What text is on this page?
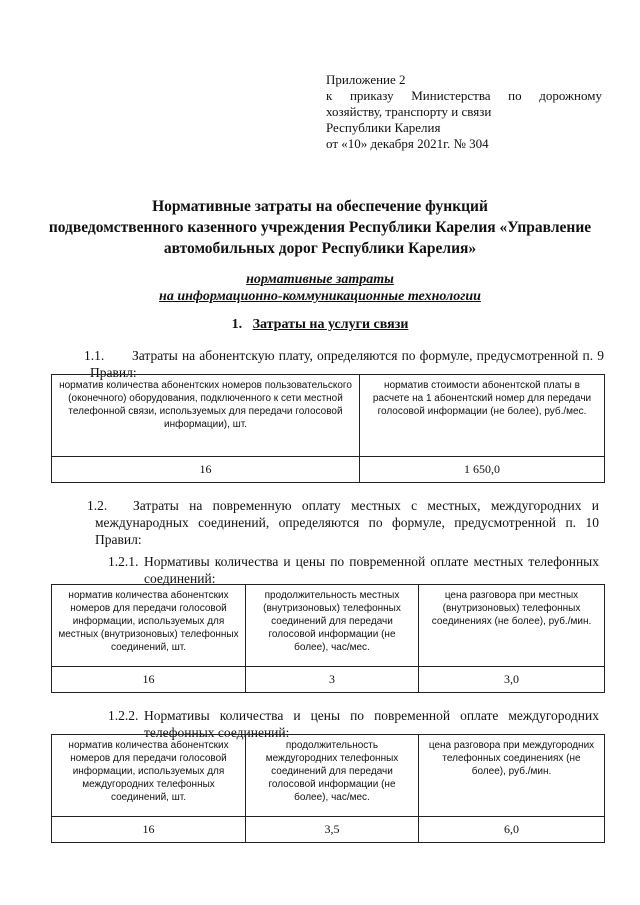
Приложение 2
к приказу Министерства по дорожному
хозяйству, транспорту и связи
Республики Карелия
от «10» декабря 2021г. № 304
Нормативные затраты на обеспечение функций
подведомственного казенного учреждения Республики Карелия «Управление
автомобильных дорог Республики Карелия»
нормативные затраты
на информационно-коммуникационные технологии
1. Затраты на услуги связи
1.1. Затраты на абонентскую плату, определяются по формуле, предусмотренной п. 9
Правил:
норматив количества абонентских номеров пользовательского (оконечного) оборудования, подключенного к сети местной телефонной связи, используемых для передачи голосовой информации), шт.	норматив стоимости абонентской платы в расчете на 1 абонентский номер для передачи голосовой информации (не более), руб./мес.
16	1 650,0
1.2. Затраты на повременную оплату местных с местных, междугородних и
международных соединений, определяются по формуле, предусмотренной п. 10
Правил:
1.2.1. Нормативы количества и цены по повременной оплате местных телефонных
соединений:
норматив количества абонентских номеров для передачи голосовой информации, используемых для местных (внутризоновых) телефонных соединений, шт.	продолжительность местных (внутризоновых) телефонных соединений для передачи голосовой информации (не более), час/мес.	цена разговора при местных (внутризоновых) телефонных соединениях (не более), руб./мин.
16	3	3,0
1.2.2. Нормативы количества и цены по повременной оплате междугородних
телефонных соединений:
норматив количества абонентских номеров для передачи голосовой информации, используемых для междугородних телефонных соединений, шт.	продолжительность междугородних телефонных соединений для передачи голосовой информации (не более), час/мес.	цена разговора при междугородних телефонных соединениях (не более), руб./мин.
16	3,5	6,0
